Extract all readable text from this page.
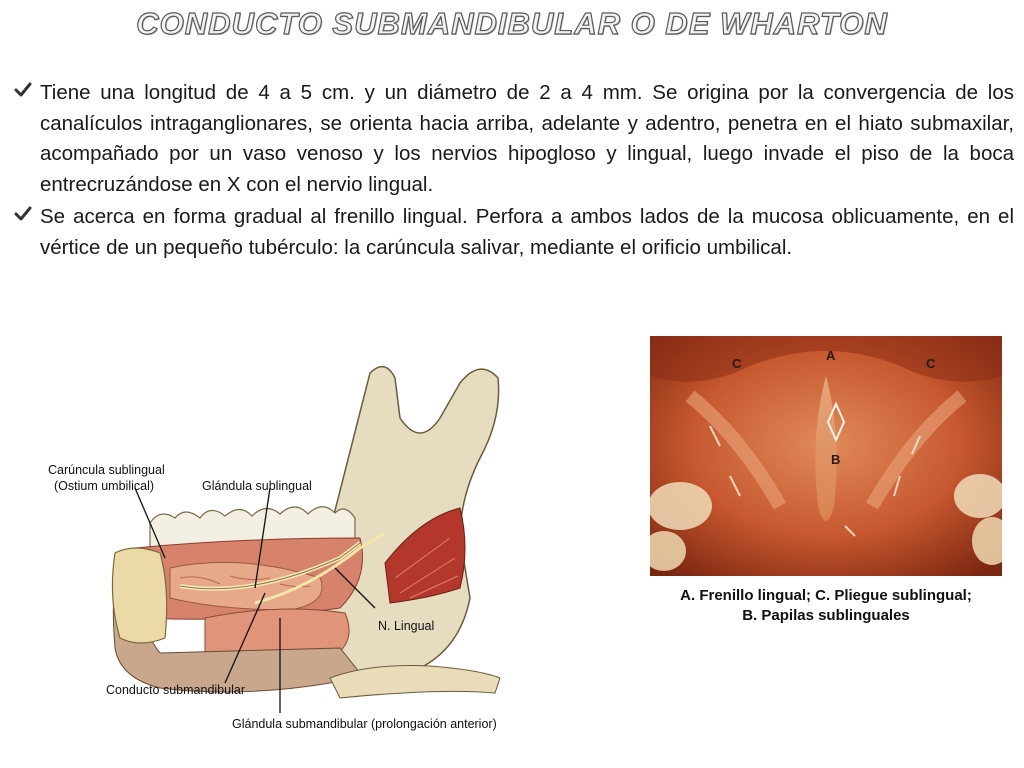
CONDUCTO SUBMANDIBULAR O DE WHARTON

Tiene una longitud de 4 a 5 cm. y un diámetro de 2 a 4 mm. Se origina por la convergencia de los canalículos intraganglionares, se orienta hacia arriba, adelante y adentro, penetra en el hiato submaxilar, acompañado por un vaso venoso y los nervios hipogloso y lingual, luego invade el piso de la boca entrecruzándose en X con el nervio lingual.

Se acerca en forma gradual al frenillo lingual. Perfora a ambos lados de la mucosa oblicuamente, en el vértice de un pequeño tubérculo: la carúncula salivar, mediante el orificio umbilical.

Carúncula sublingual
(Ostium umbilical)	Glándula sublingual
N. Lingual
Conducto submandibular
Glándula submandibular (prolongación anterior)
A
B
C	C
A. Frenillo lingual; C. Pliegue sublingual;
B. Papilas sublinguales
